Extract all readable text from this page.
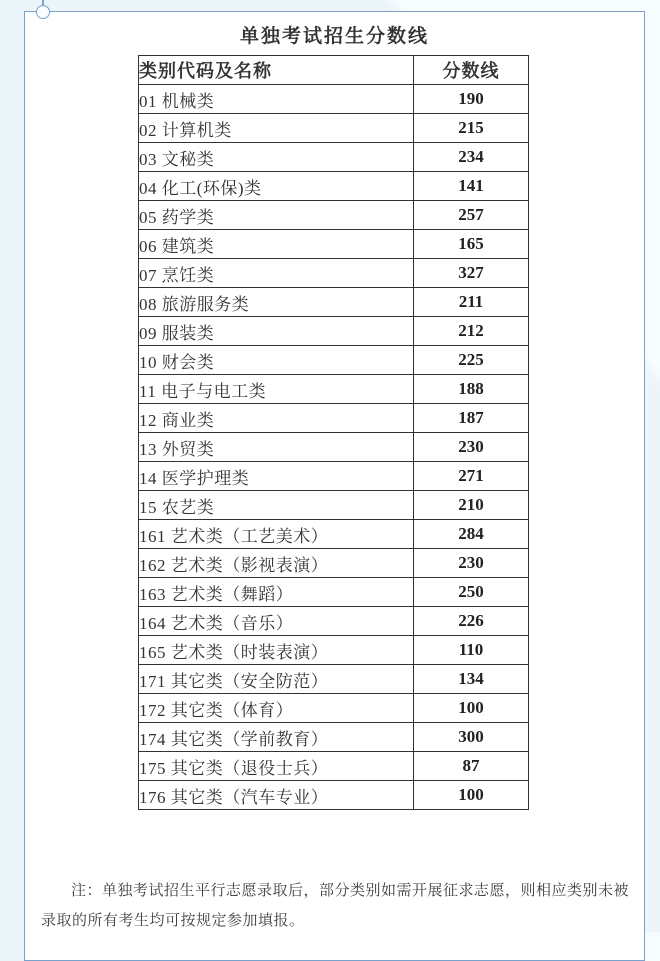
单独考试招生分数线
类别代码及名称	分数线
01 机械类	190
02 计算机类	215
03 文秘类	234
04 化工(环保)类	141
05 药学类	257
06 建筑类	165
07 烹饪类	327
08 旅游服务类	211
09 服装类	212
10 财会类	225
11 电子与电工类	188
12 商业类	187
13 外贸类	230
14 医学护理类	271
15 农艺类	210
161 艺术类（工艺美术）	284
162 艺术类（影视表演）	230
163 艺术类（舞蹈）	250
164 艺术类（音乐）	226
165 艺术类（时装表演）	110
171 其它类（安全防范）	134
172 其它类（体育）	100
174 其它类（学前教育）	300
175 其它类（退役士兵）	87
176 其它类（汽车专业）	100

注：单独考试招生平行志愿录取后，部分类别如需开展征求志愿，则相应类别未被录取的所有考生均可按规定参加填报。
